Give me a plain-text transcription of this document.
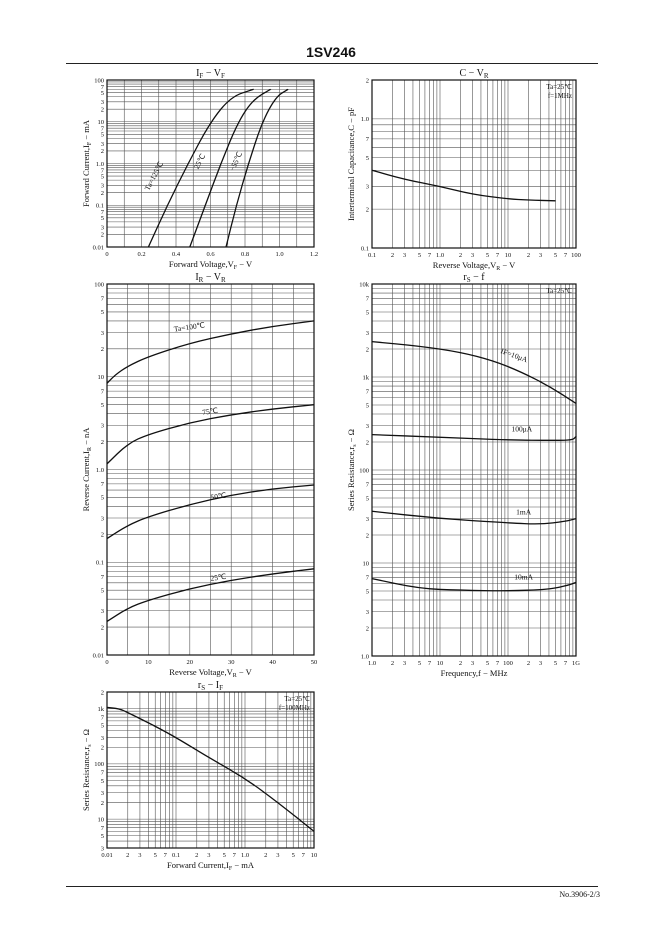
1SV246
No.3906-2/3
0	0.2	0.4	0.6	0.8	1.0	1.2
0.01
2
3
5
7
0.1
2
3
5
7
1.0
2
3
5
7
10
2
3
5
7
100
$I_F - V_F$
Forward $Voltage,V_F - V$
Forward $Current,I_F$ − mA
Ta=125℃	25℃	−55℃
0.1 2 3 5 7 1.0 2 3 5 7 10 2 3 5 7 100
0.1
2
3
5
7
1.0
2
$C - V_R$
Reverse $Voltage,V_R - V$
Interterminal Capacitance,C − pF
Ta=25℃
f=1MHz
0	10	20	30	40	50
0.01
2
3
5
7
0.1
2
3
5
7
1.0
2
3
5
7
10
2
3
5
7
100
$I_R - V_R$
Reverse $Voltage,V_R - V$
Reverse $Current,I_R$ − nA
Ta=100℃
75℃
50℃
25℃
1.0 2 3 5 7 10 2 3 5 7 100 2 3 5 7 1G
1.0
2
3
5
7
10
2
3
5
7
100
2
3
5
7
1k
2
3
5
7
10k
$r_S - f$
Frequency,f − MHz
Series $Resistance,r_s - \Omega$
Ta=25℃
IF=10μA
100μA
1mA
10mA
0.01 2 3 5 7 0.1 2 3 5 7 1.0 2 3 5 7 10
3
5
7
10
2
3
5
7
100
2
3
5
7
1k
2
$r_S - I_F$
Forward $Current,I_F$ − mA
Series $Resistance,r_s - \Omega$
Ta=25℃
f=100MHz
